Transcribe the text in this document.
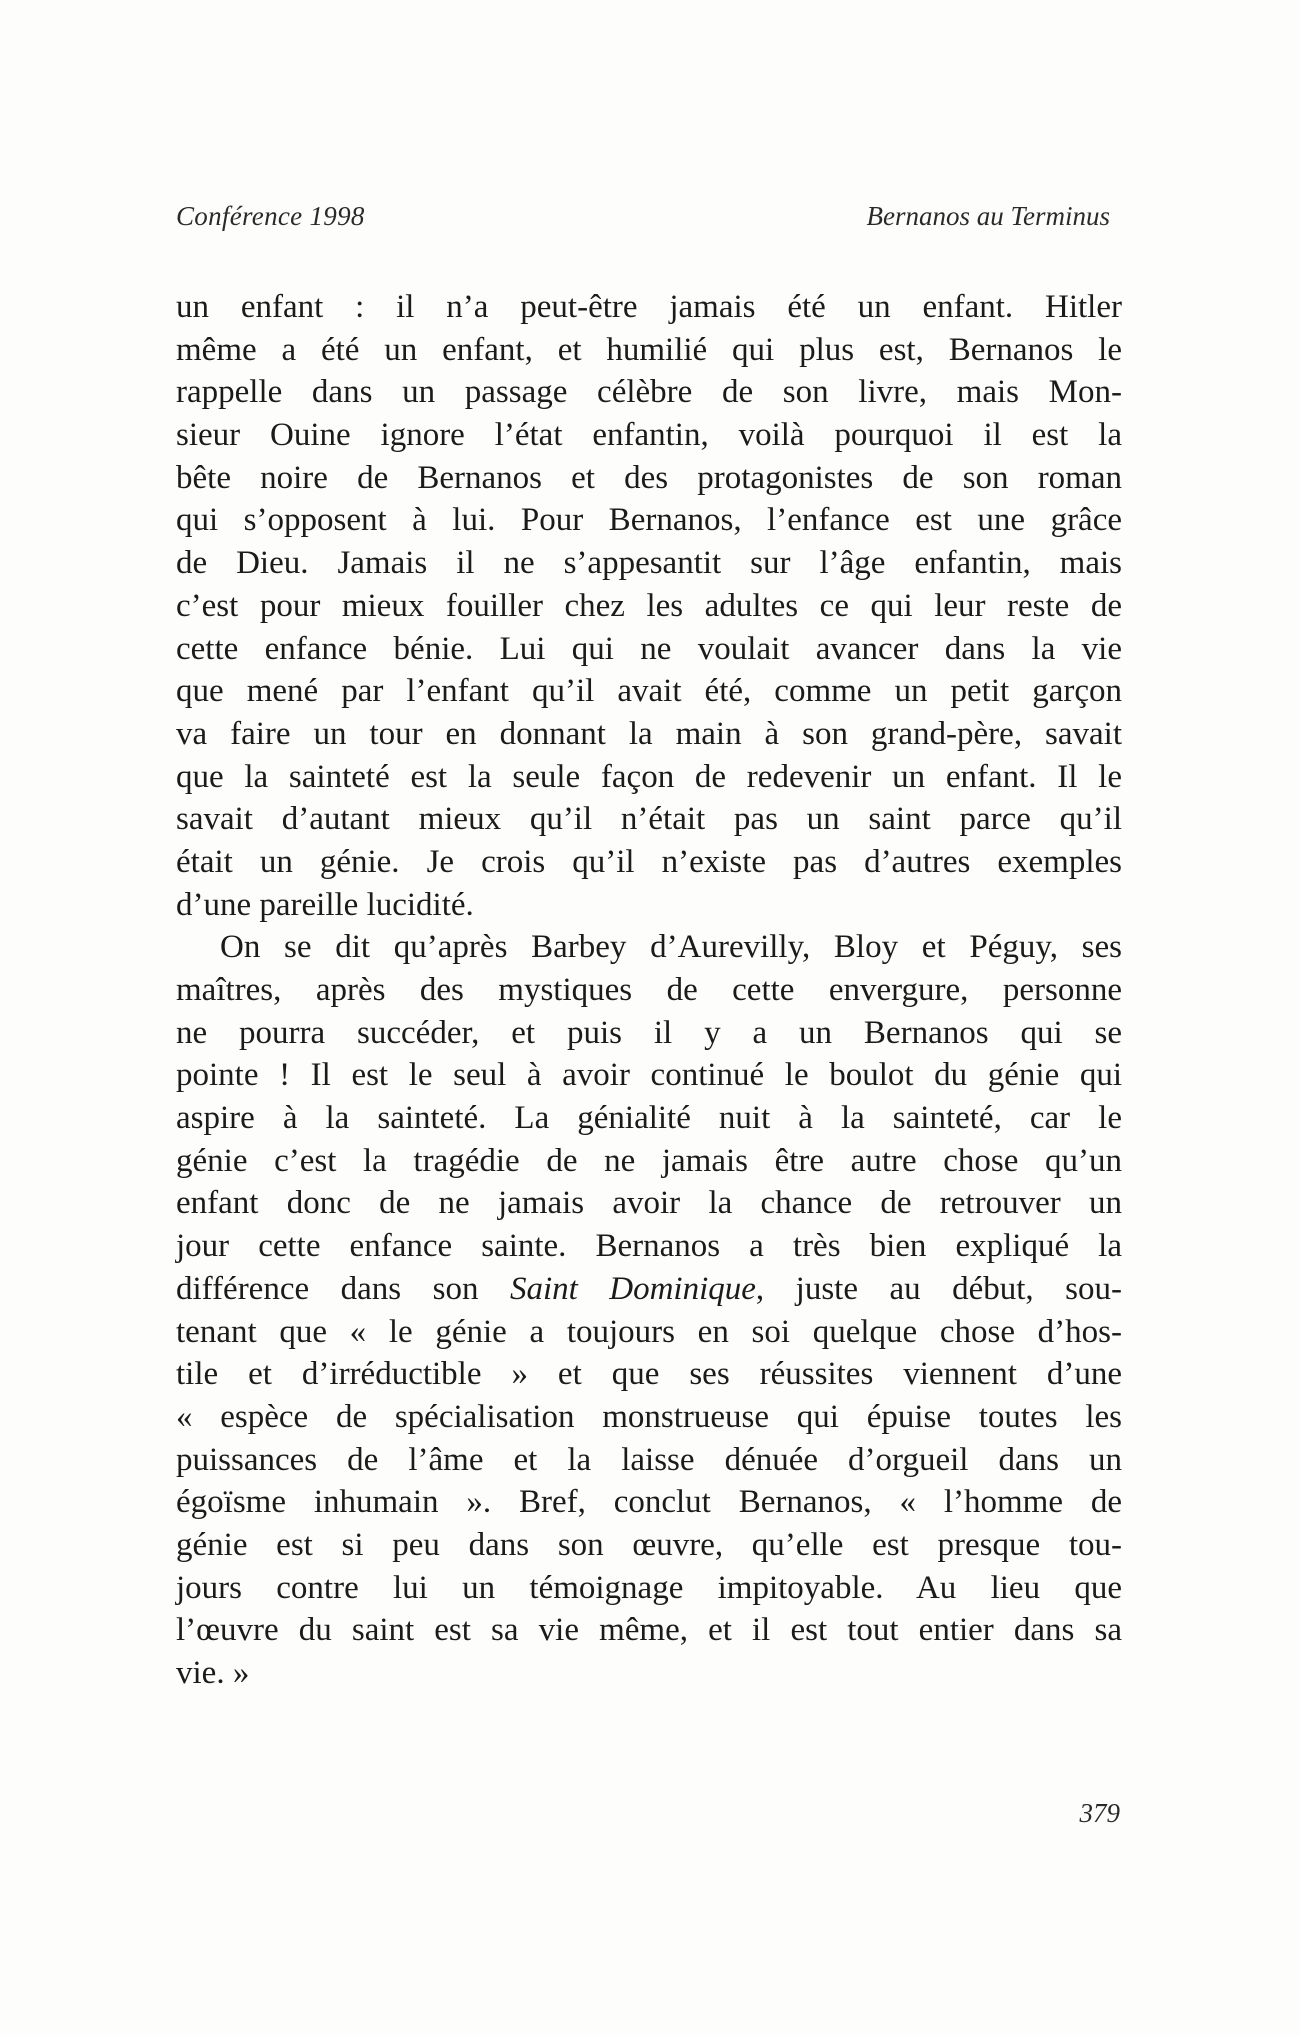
Conférence 1998	Bernanos au Terminus
un enfant : il n’a peut-être jamais été un enfant. Hitler
même a été un enfant, et humilié qui plus est, Bernanos le
rappelle dans un passage célèbre de son livre, mais Mon-
sieur Ouine ignore l’état enfantin, voilà pourquoi il est la
bête noire de Bernanos et des protagonistes de son roman
qui s’opposent à lui. Pour Bernanos, l’enfance est une grâce
de Dieu. Jamais il ne s’appesantit sur l’âge enfantin, mais
c’est pour mieux fouiller chez les adultes ce qui leur reste de
cette enfance bénie. Lui qui ne voulait avancer dans la vie
que mené par l’enfant qu’il avait été, comme un petit garçon
va faire un tour en donnant la main à son grand-père, savait
que la sainteté est la seule façon de redevenir un enfant. Il le
savait d’autant mieux qu’il n’était pas un saint parce qu’il
était un génie. Je crois qu’il n’existe pas d’autres exemples
d’une pareille lucidité.
On se dit qu’après Barbey d’Aurevilly, Bloy et Péguy, ses
maîtres, après des mystiques de cette envergure, personne
ne pourra succéder, et puis il y a un Bernanos qui se
pointe ! Il est le seul à avoir continué le boulot du génie qui
aspire à la sainteté. La génialité nuit à la sainteté, car le
génie c’est la tragédie de ne jamais être autre chose qu’un
enfant donc de ne jamais avoir la chance de retrouver un
jour cette enfance sainte. Bernanos a très bien expliqué la
différence dans son Saint Dominique, juste au début, sou-
tenant que « le génie a toujours en soi quelque chose d’hos-
tile et d’irréductible » et que ses réussites viennent d’une
« espèce de spécialisation monstrueuse qui épuise toutes les
puissances de l’âme et la laisse dénuée d’orgueil dans un
égoïsme inhumain ». Bref, conclut Bernanos, « l’homme de
génie est si peu dans son œuvre, qu’elle est presque tou-
jours contre lui un témoignage impitoyable. Au lieu que
l’œuvre du saint est sa vie même, et il est tout entier dans sa
vie. »
379
